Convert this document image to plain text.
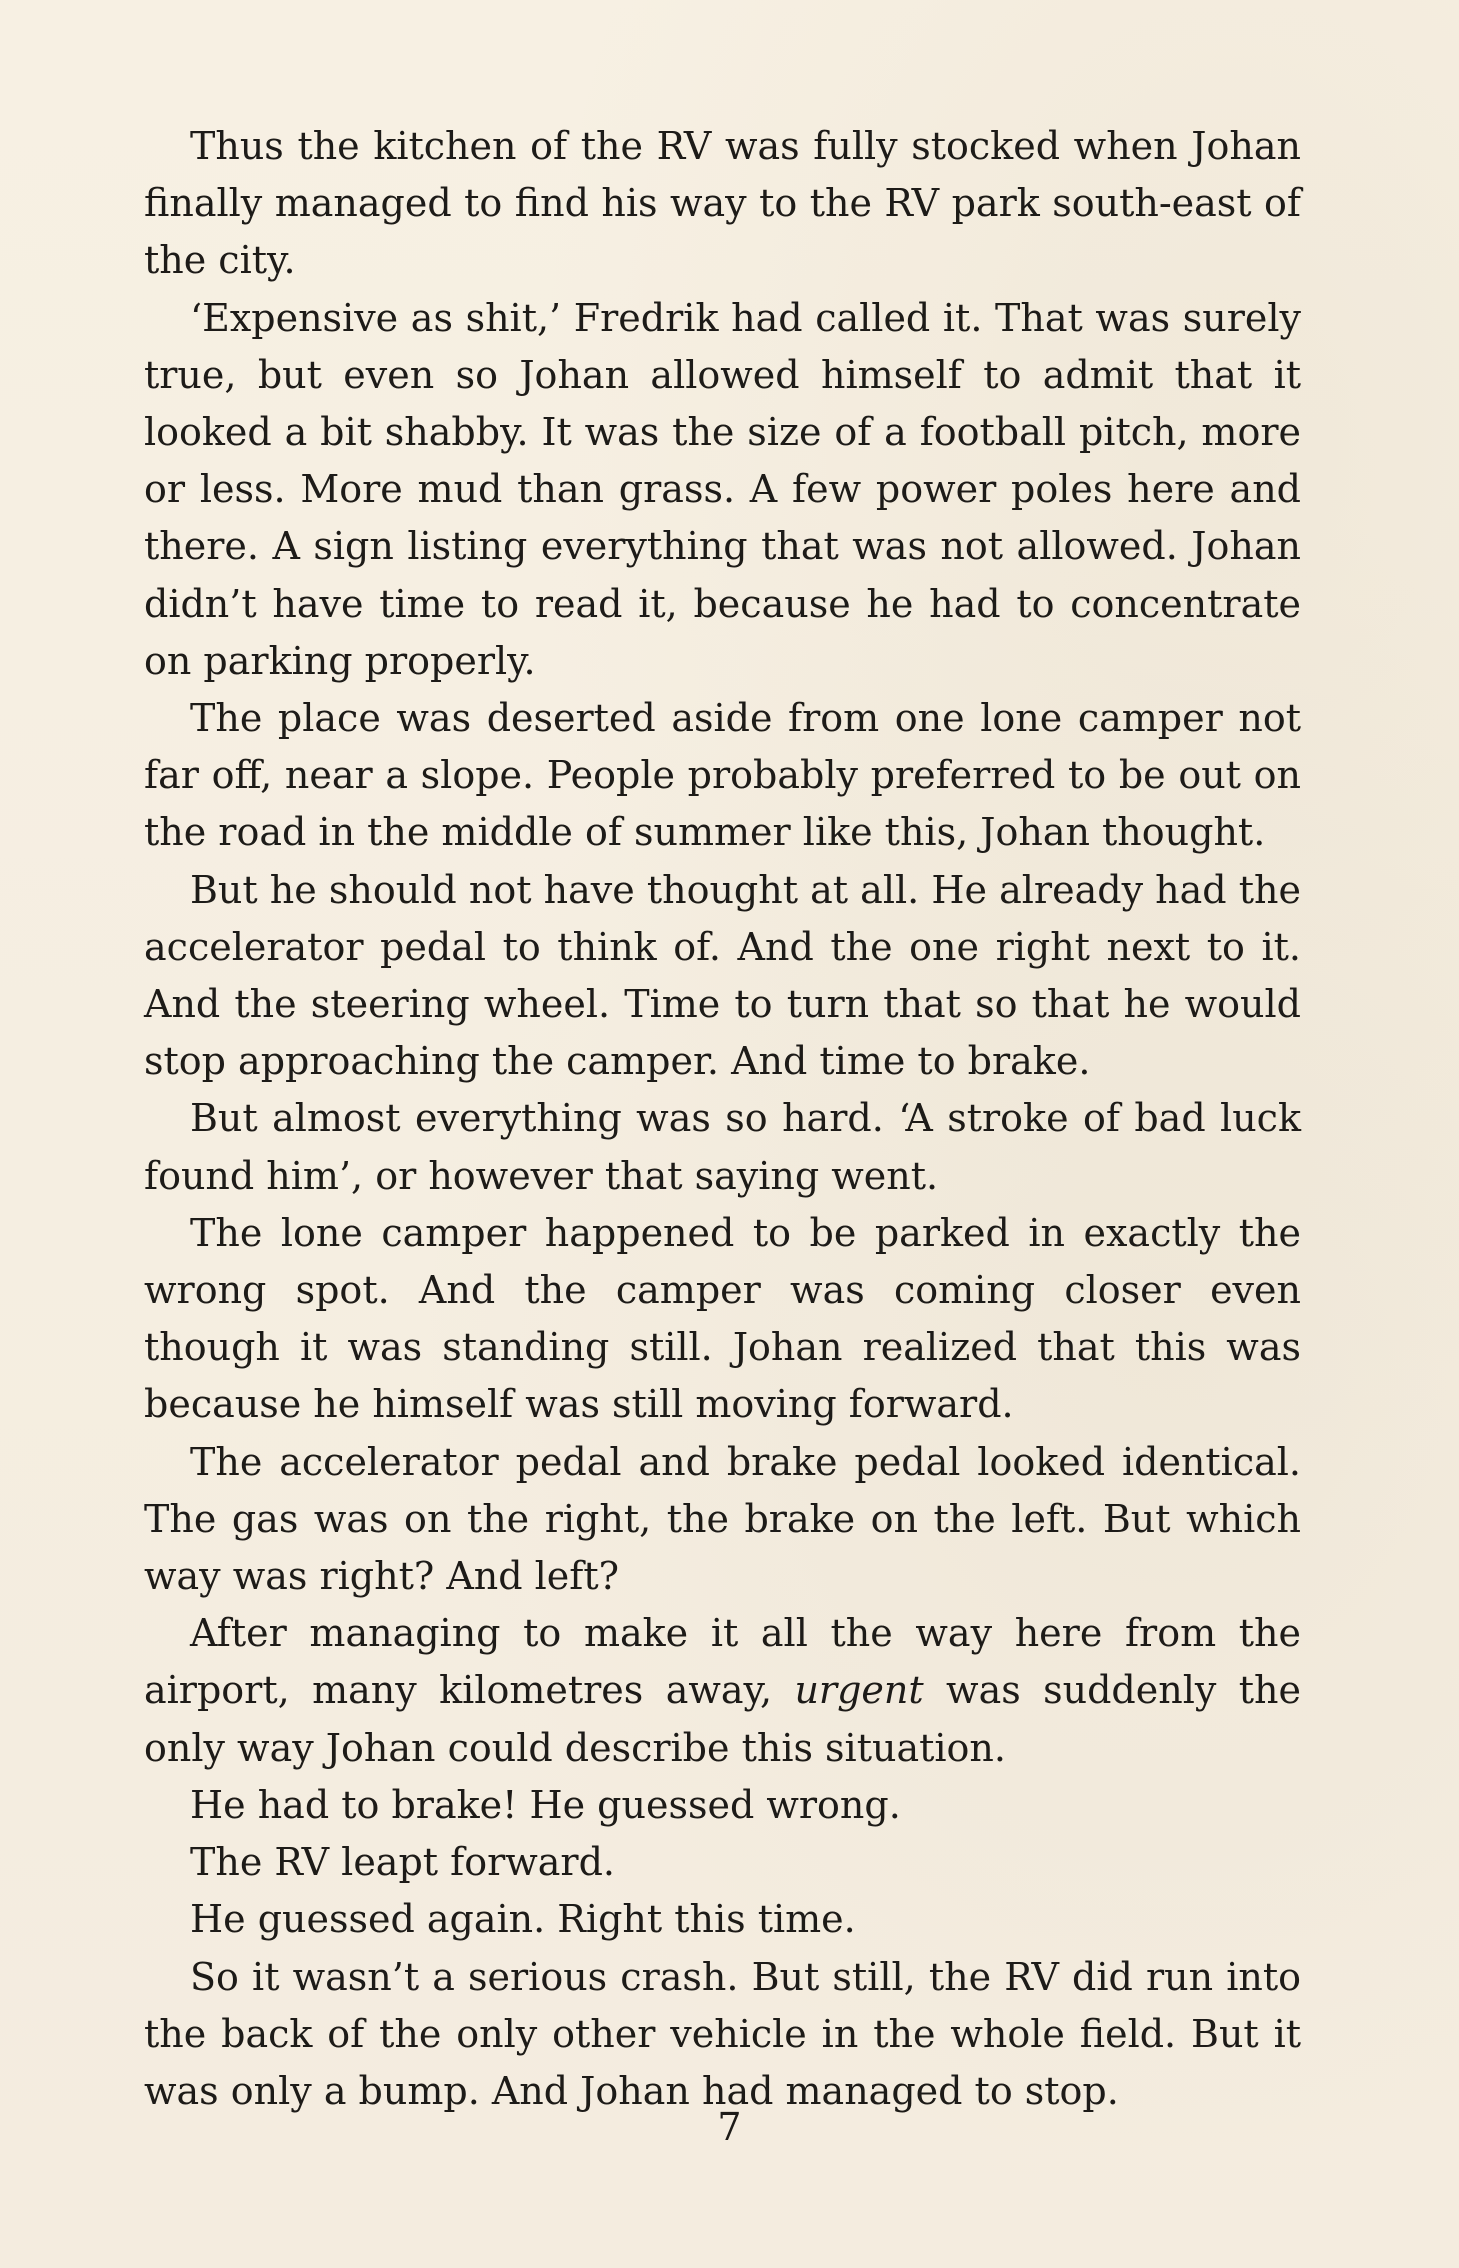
Thus the kitchen of the RV was fully stocked when Johan finally managed to find his way to the RV park south-east of the city.

‘Expensive as shit,’ Fredrik had called it. That was surely true, but even so Johan allowed himself to admit that it looked a bit shabby. It was the size of a football pitch, more or less. More mud than grass. A few power poles here and there. A sign listing everything that was not allowed. Johan didn’t have time to read it, because he had to concentrate on parking properly.

The place was deserted aside from one lone camper not far off, near a slope. People probably preferred to be out on the road in the middle of summer like this, Johan thought.

But he should not have thought at all. He already had the accelerator pedal to think of. And the one right next to it. And the steering wheel. Time to turn that so that he would stop approaching the camper. And time to brake.

But almost everything was so hard. ‘A stroke of bad luck found him’, or however that saying went.

The lone camper happened to be parked in exactly the wrong spot. And the camper was coming closer even though it was standing still. Johan realized that this was because he himself was still moving forward.

The accelerator pedal and brake pedal looked identical. The gas was on the right, the brake on the left. But which way was right? And left?

After managing to make it all the way here from the airport, many kilometres away, urgent was suddenly the only way Johan could describe this situation.

He had to brake! He guessed wrong.

The RV leapt forward.

He guessed again. Right this time.

So it wasn’t a serious crash. But still, the RV did run into the back of the only other vehicle in the whole field. But it was only a bump. And Johan had managed to stop.

7
